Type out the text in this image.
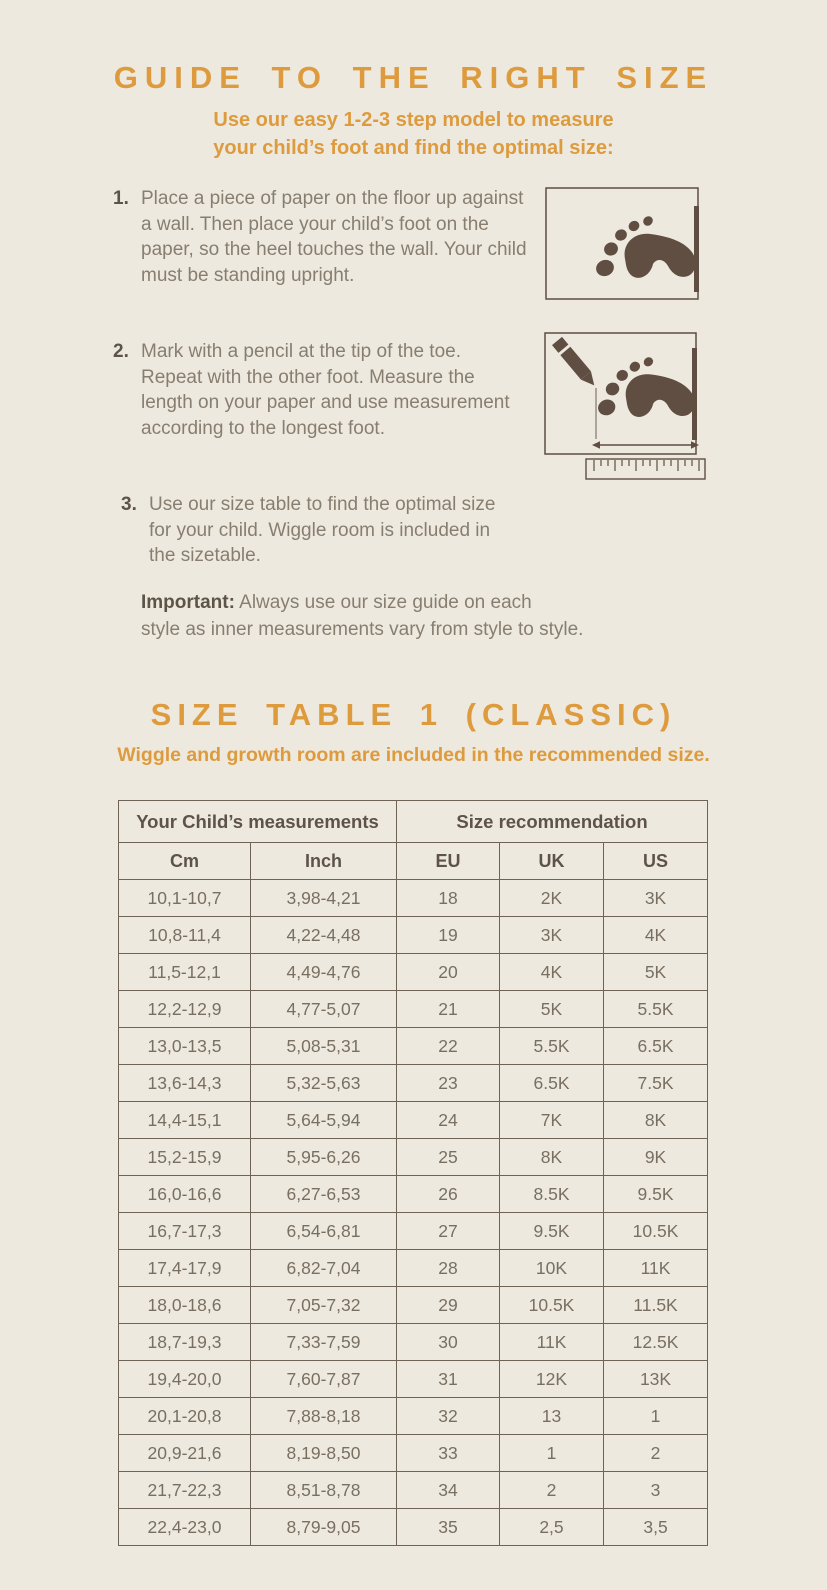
GUIDE TO THE RIGHT SIZE
Use our easy 1-2-3 step model to measure
your child’s foot and find the optimal size:
1. Place a piece of paper on the floor up against
a wall. Then place your child’s foot on the
paper, so the heel touches the wall. Your child
must be standing upright.
2. Mark with a pencil at the tip of the toe.
Repeat with the other foot. Measure the
length on your paper and use measurement
according to the longest foot.
3. Use our size table to find the optimal size
for your child. Wiggle room is included in
the sizetable.
Important: Always use our size guide on each
style as inner measurements vary from style to style.
SIZE TABLE 1 (CLASSIC)
Wiggle and growth room are included in the recommended size.
Your Child’s measurements		Size recommendation		
Cm	Inch	EU	UK	US
10,1-10,7	3,98-4,21	18	2K	3K
10,8-11,4	4,22-4,48	19	3K	4K
11,5-12,1	4,49-4,76	20	4K	5K
12,2-12,9	4,77-5,07	21	5K	5.5K
13,0-13,5	5,08-5,31	22	5.5K	6.5K
13,6-14,3	5,32-5,63	23	6.5K	7.5K
14,4-15,1	5,64-5,94	24	7K	8K
15,2-15,9	5,95-6,26	25	8K	9K
16,0-16,6	6,27-6,53	26	8.5K	9.5K
16,7-17,3	6,54-6,81	27	9.5K	10.5K
17,4-17,9	6,82-7,04	28	10K	11K
18,0-18,6	7,05-7,32	29	10.5K	11.5K
18,7-19,3	7,33-7,59	30	11K	12.5K
19,4-20,0	7,60-7,87	31	12K	13K
20,1-20,8	7,88-8,18	32	13	1
20,9-21,6	8,19-8,50	33	1	2
21,7-22,3	8,51-8,78	34	2	3
22,4-23,0	8,79-9,05	35	2,5	3,5
